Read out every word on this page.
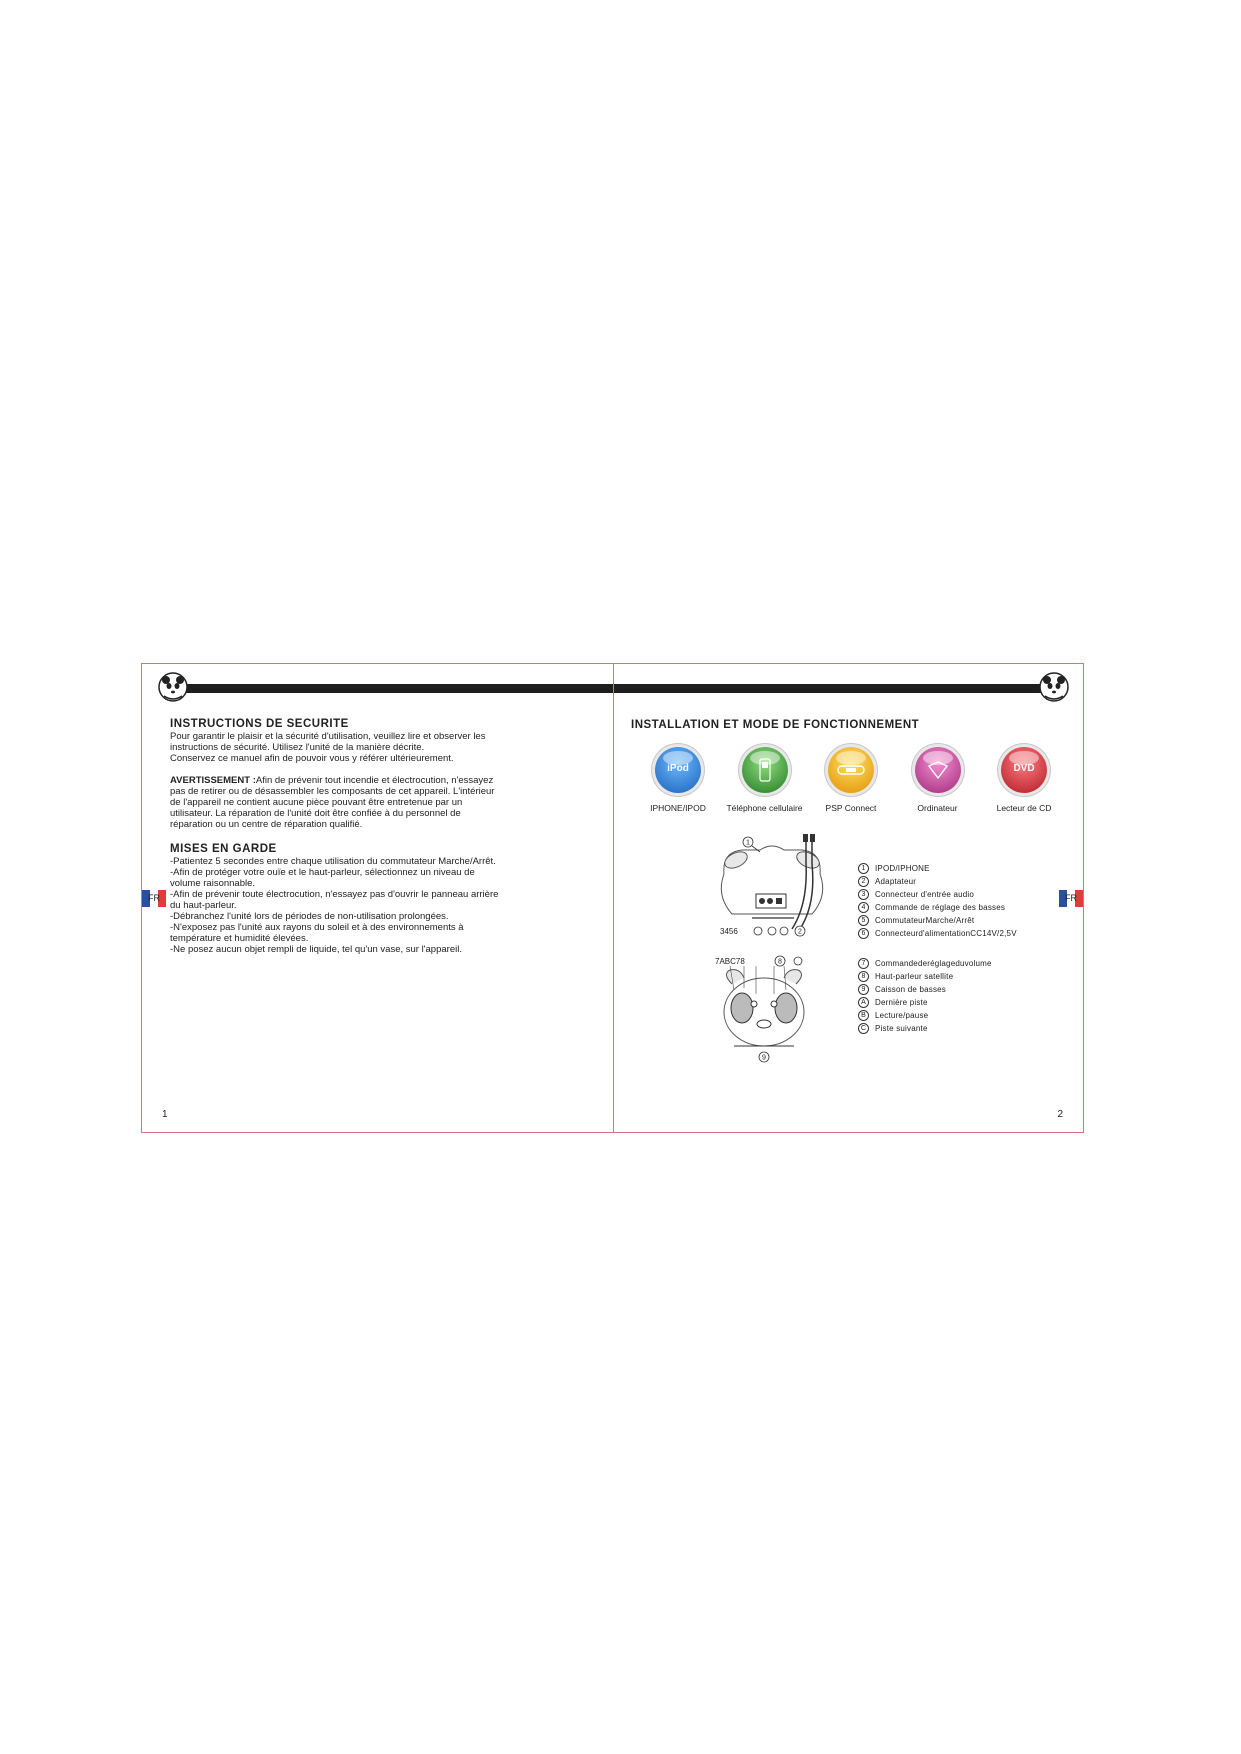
INSTRUCTIONS DE SECURITE

Pour garantir le plaisir et la sécurité d'utilisation, veuillez lire et observer les

instructions de sécurité. Utilisez l'unité de la manière décrite.

Conservez ce manuel afin de pouvoir vous y référer ultérieurement.

AVERTISSEMENT :Afin de prévenir tout incendie et électrocution, n'essayez

pas de retirer ou de désassembler les composants de cet appareil. L'intérieur

de l'appareil ne contient aucune pièce pouvant être entretenue par un

utilisateur. La réparation de l'unité doit être confiée à du personnel de

réparation ou un centre de réparation qualifié.

MISES EN GARDE

-Patientez 5 secondes entre chaque utilisation du commutateur Marche/Arrêt.

-Afin de protéger votre ouïe et le haut-parleur, sélectionnez un niveau de

volume raisonnable.

-Afin de prévenir toute électrocution, n'essayez pas d'ouvrir le panneau arrière

du haut-parleur.

-Débranchez l'unité lors de périodes de non-utilisation prolongées.

-N'exposez pas l'unité aux rayons du soleil et à des environnements à

température et humidité élevées.

-Ne posez aucun objet rempli de liquide, tel qu'un vase, sur l'appareil.

FR
1
INSTALLATION ET MODE DE FONCTIONNEMENT
iPod
IPHONE/IPOD	Téléphone cellulaire	PSP Connect	Ordinateur
DVD
Lecteur de CD
1
3456	2
1	IPOD/IPHONE
2	Adaptateur
3	Connecteur d'entrée audio
4	Commande de réglage des basses
5	CommutateurMarche/Arrêt
6	Connecteurd'alimentationCC14V/2,5V
7ABC78	8
9
7	Commandederéglageduvolume
8	Haut-parleur satellite
9	Caisson de basses
A	Dernière piste
B	Lecture/pause
C	Piste suivante
FR
2
